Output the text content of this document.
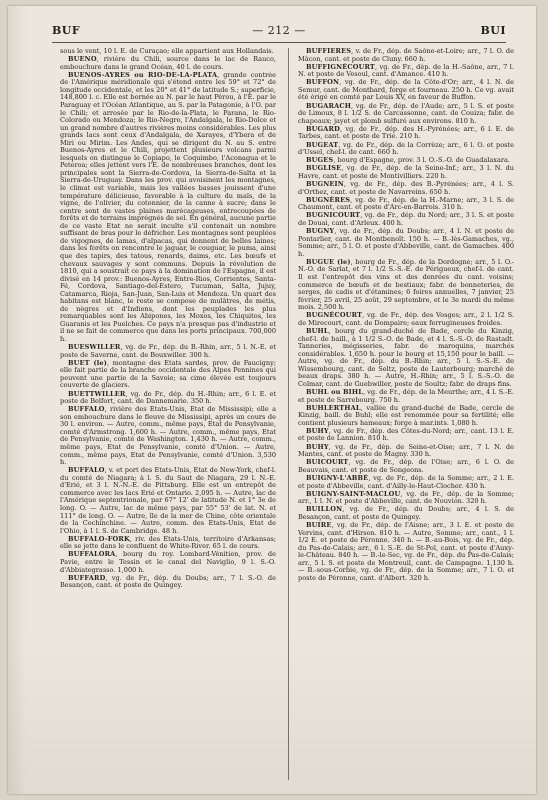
BUF	— 212 —	BUI

sous le vent, 10 l. E. de Curaçao; elle appartient aux Hollandais.

BUENO, rivière du Chili, source dans le lac de Rauco, embouchure dans le grand Océan, 40 l. de cours.

BUENOS-AYRES ou RIO-DE-LA-PLATA, grande contrée de l'Amérique méridionale qui s'étend entre les 59° et 72° de longitude occidentale, et les 20° et 41° de latitude S.; superficie, 148,800 l. c. Elle est bornée au N. par le haut Pérou, à l'E. par le Paraguay et l'Océan Atlantique, au S. par la Patagonie, à l'O. par le Chili; et arrosée par le Rio-de-la-Plata, le Parana, le Rio-Colorado ou Mendoza; le Rio-Negro, l'Andalgala, le Rio-Dolce et un grand nombre d'autres rivières moins considérables. Les plus grands lacs sont ceux d'Andalgala, de Xarayes, d'Ybera et de Miri ou Mirim. Les Andes, qui se dirigent du N. au S. entre Buenos-Ayres et le Chili, projettent plusieurs volcans parmi lesquels on distingue le Copiapo, le Coquimbo, l'Aconagua et le Peteroa; elles jettent vers l'E. de nombreuses branches, dont les principales sont la Sierra-de-Cordova, la Sierra-de-Salta et la Sierra-de-Uruguay. Dans les prov. qui avoisinent les montagnes, le climat est variable, mais les vallées basses jouissent d'une température délicieuse, favorable à la culture du maïs, de la vigne, de l'olivier, du cotonnier, de la canne à sucre; dans le centre sont de vastes plaines marécageuses, entrecoupées de forêts et de terrains imprégnés de sel. En général, aucune partie de ce vaste Etat ne serait inculte s'il contenait un nombre suffisant de bras pour le défricher. Les montagnes sont peuplées de vigognes, de lamas, d'alpacas, qui donnent de belles laines; dans les forêts on rencontre le jaguar, le couguar, le puma, ainsi que des tapirs, des tatous, renards, daims, etc. Les bœufs et chevaux sauvages y sont communs. Depuis la révolution de 1810, qui a soustrait ce pays à la domination de l'Espagne, il est divisé en 14 prov.: Buenos-Ayres, Entre-Rios, Corrientes, Santa-Fé, Cordova, Santiago-del-Estero, Tucuman, Salta, Jujuy, Catamarca, Rioja, San-Juan, San-Luis et Mendoza. Un quart des habitans est blanc, le reste se compose de mulâtres, de métis, de nègres et d'Indiens, dont les peuplades les plus remarquables sont les Abipones, les Moxos, les Chiquitos, les Guaranis et les Puelches. Ce pays n'a presque pas d'industrie et il ne se fait de commerce que dans les ports principaux. 700,000 h.

BUESWILLER, vg. de Fr., dép. du B.-Rhin, arr., 5 l. N.-E. et poste de Saverne, cant. de Bouxwiller. 300 h.

BUET (le), montagne des Etats sardes, prov. de Faucigny; elle fait partie de la branche occidentale des Alpes Pennines qui peuvent une partie de la Savoie; sa cime élevée est toujours couverte de glaciers.

BUETTWILLER, vg. de Fr., dép. du H.-Rhin; arr., 6 l. E. et poste de Belfort, cant. de Dannemarie. 350 h.

BUFFALO, rivière des Etats-Unis, Etat de Mississipi; elle a son embouchure dans le fleuve de Mississipi, après un cours de 30 l. environ. — Autre, comm., même pays, Etat de Pensylvanie, comté d'Armstrong. 1,600 h. — Autre, comm., même pays, Etat de Pensylvanie, comté de Washington. 1,430 h. — Autre, comm., même pays, Etat de Pensylvanie, comté d'Union. — Autre, comm., même pays, Etat de Pensylvanie, comté d'Union. 3,530 h.

BUFFALO, v. et port des Etats-Unis, Etat de New-York, chef-l. du comté de Niagara; à l. S. du Saut de Niagara, 29 l. N.-E. d'Erié, et 3 l. N.-N.-E. de Pittsburg. Elle est un entrepôt de commerce avec les lacs Erié et Ontario. 2,095 h. — Autre, lac de l'Amérique septentrionale, par 67° 12' de latitude N. et 1° 3e de long. O. — Autre, lac de même pays, par 55° 53' de lat. N. et 111° de long. O. — Autre, île de la mer de Chine, côte orientale de la Cochinchine. — Autre, comm. des Etats-Unis, Etat de l'Ohio, à 1 l. S. de Cambridge. 48 h.

BUFFALO-FORK, riv. des Etats-Unis, territoire d'Arkansas; elle se jette dans le confluent de White-River. 65 l. de cours.

BUFFALORA, bourg du roy. Lombard-Vénitien, prov. de Pavie, entre le Tessin et le canal del Naviglio, 9 l. S.-O. d'Abbiategrasso. 1,000 h.

BUFFARD, vg. de Fr., dép. du Doubs; arr., 7 l. S.-O. de Besançon, cant. et poste de Quingey.

BUFFIÈRES, v. de Fr., dép. de Saône-et-Loire; arr., 7 l. O. de Mâcon, cant. et poste de Cluny. 660 h.

BUFFIGNÉCOURT, vg. de Fr., dép. de la H.-Saône, arr., 7 l. N. et poste de Vesoul, cant. d'Amance. 410 h.

BUFFON, vg. de Fr., dép. de la Côte-d'Or; arr., 4 l. N. de Semur, cant. de Montbard, forge et fourneau. 250 h. Ce vg. avait été érigé en comté par Louis XV, en faveur de Buffon.

BUGARACH, vg. de Fr., dép. de l'Aude; arr., 5 l. S. et poste de Limoux, 8 l. 1/2 S. de Carcassonne, cant. de Couiza; fabr. de chapeaux; jayet et plomb sulfuré aux environs. 810 h.

BUGARD, vg. de Fr., dép. des H.-Pyrénées; arr., 6 l. E. de Tarbes, cant. et poste de Trie. 210 h.

BUGEAT, vg. de Fr., dép. de la Corrèze; arr., 6 l. O. et poste d'Ussel, chef-l. de cant. 660 h.

BUGES, bourg d'Espagne, prov. 3 l. O.-S.-O. de Guadalaxara.

BUGLISE, vg. de Fr., dép. de la Seine-Inf.; arr., 3 l. N. du Havre, cant. et poste de Montivilliers. 220 h.

BUGNEIN, vg. de Fr., dép. des B.-Pyrénées; arr., 4 l. S. d'Orthez, cant. et poste de Navarreins. 650 h.

BUGNÈRES, vg. de Fr., dép. de la H.-Marne; arr., 3 l. S. de Chaumont, cant. et poste d'Arc-en-Barrois. 310 h.

BUGNICOURT, vg. de Fr., dép. du Nord; arr., 3 l. S. et poste de Douai, cant. d'Arleux. 400 h.

BUGNY, vg. de Fr., dép. du Doubs; arr., 4 l. N. et poste de Pontarlier, cant. de Montbenoît. 150 h. — B.-lès-Gamaches, vg., Somme; arr., 5 l. O. et poste d'Abbeville, cant. de Gamaches. 400 h.

BUGUE (le), bourg de Fr., dép. de la Dordogne; arr., 5 l. O.-N.-O. de Sarlat, et 7 l. 1/2 S.-S.-E. de Périgueux, chef-l. de cant. Il est l'entrepôt des vins et des denrées du cant. voisins; commerce de bœufs et de bestiaux; fabr. de bonneteries, de serges, de cadis et d'étamines; 6 foires annuelles, 7 janvier, 25 février, 25 avril, 25 août, 29 septembre, et le 3e mardi du même mois. 2,500 h.

BUGNÉCOURT, vg. de Fr., dép. des Vosges; arr., 2 l. 1/2 S. de Mirecourt, cant. de Dompaire; eaux ferrugineuses froides.

BUHL, bourg du grand-duché de Bade, cercle du Kinzig, chef-l. de baill., à 1 1/2 S.-O. de Bade, et 4 l. S.-S.-O. de Rastadt. Tanneries, mégisseries, fabr. de maroquins, marchés considérables. 1,650 h. pour le bourg et 15,150 pour le baill. — Autre, vg. de Fr., dép. du B.-Rhin; arr., 5 l. S.-S.-E. de Wissembourg, cant. de Seltz, poste de Lauterbourg; marché de beaux draps. 380 h. — Autre, H.-Rhin; arr., 5 l. S.-S.-O. de Colmar, cant. de Guebwiller, poste de Soultz; fabr. de draps fins.

BUHL ou BIHL, vg. de Fr., dép. de la Meurthe; arr., 4 l. S.-E. et poste de Sarrebourg. 750 h.

BUHLERTHAL, vallée du grand-duché de Bade, cercle de Kinzig, baill. de Buhl; elle est renommée pour sa fertilité; elle contient plusieurs hameaux; forge à mar.ints. 1,080 h.

BUHY, vg. de Fr., dép. des Côtes-du-Nord; arr., cant. 13 l. E. et poste de Lannion. 810 h.

BUHY, vg. de Fr., dép. de Seine-et-Oise; arr., 7 l. N. de Mantes, cant. et poste de Magny. 330 h.

BUICOURT, vg. de Fr., dép. de l'Oise; arr., 6 l. O. de Beauvais, cant. et poste de Songeons.

BUIGNY-L'ABBÉ, vg. de Fr., dép. de la Somme; arr., 2 l. E. et poste d'Abbeville, cant. d'Ailly-le-Haut-Clocher. 430 h.

BUIGNY-SAINT-MACLOU, vg. de Fr., dép. de la Somme; arr., 1 l. N. et poste d'Abbeville, cant. de Nouvion. 320 h.

BUILLON, vg. de Fr., dép. du Doubs; arr., 4 l. S. de Besançon, cant. et poste de Quingey.

BUIRE, vg. de Fr., dép. de l'Aisne; arr., 3 l. E. et poste de Vervins, cant. d'Hirson. 810 h. — Autre, Somme; arr., cant., 1 l. 1/2 E. et poste de Péronne. 340 h. — B.-au-Bois, vg. de Fr., dép. du Pas-de-Calais; arr., 6 l. S.-E. de St-Pol, cant. et poste d'Auxy-le-Château. 840 h. — B.-le-Sec, vg. de Fr., dép. du Pas-de-Calais; arr., 5 l. S. et poste de Montreuil, cant. de Campagne. 1,130 h. — B.-sous-Corbie, vg. de Fr., dép. de la Somme; arr., 7 l. O. et poste de Péronne, cant. d'Albert. 320 h.
